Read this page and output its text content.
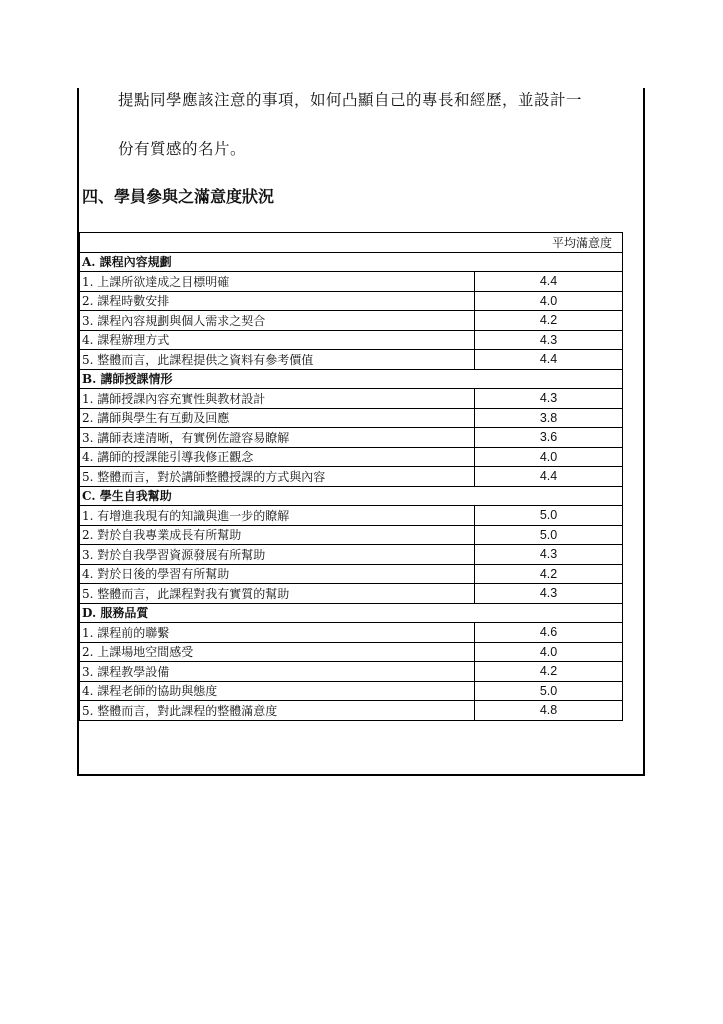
提點同學應該注意的事項，如何凸顯自己的專長和經歷，並設計一
份有質感的名片。
四、學員參與之滿意度狀況
平均滿意度	
A. 課程內容規劃	
1. 上課所欲達成之目標明確	4.4
2. 課程時數安排	4.0
3. 課程內容規劃與個人需求之契合	4.2
4. 課程辦理方式	4.3
5. 整體而言，此課程提供之資料有參考價值	4.4
B. 講師授課情形	
1. 講師授課內容充實性與教材設計	4.3
2. 講師與學生有互動及回應	3.8
3. 講師表達清晰，有實例佐證容易瞭解	3.6
4. 講師的授課能引導我修正觀念	4.0
5. 整體而言，對於講師整體授課的方式與內容	4.4
C. 學生自我幫助	
1. 有增進我現有的知識與進一步的瞭解	5.0
2. 對於自我專業成長有所幫助	5.0
3. 對於自我學習資源發展有所幫助	4.3
4. 對於日後的學習有所幫助	4.2
5. 整體而言，此課程對我有實質的幫助	4.3
D. 服務品質	
1. 課程前的聯繫	4.6
2. 上課場地空間感受	4.0
3. 課程教學設備	4.2
4. 課程老師的協助與態度	5.0
5. 整體而言，對此課程的整體滿意度	4.8
